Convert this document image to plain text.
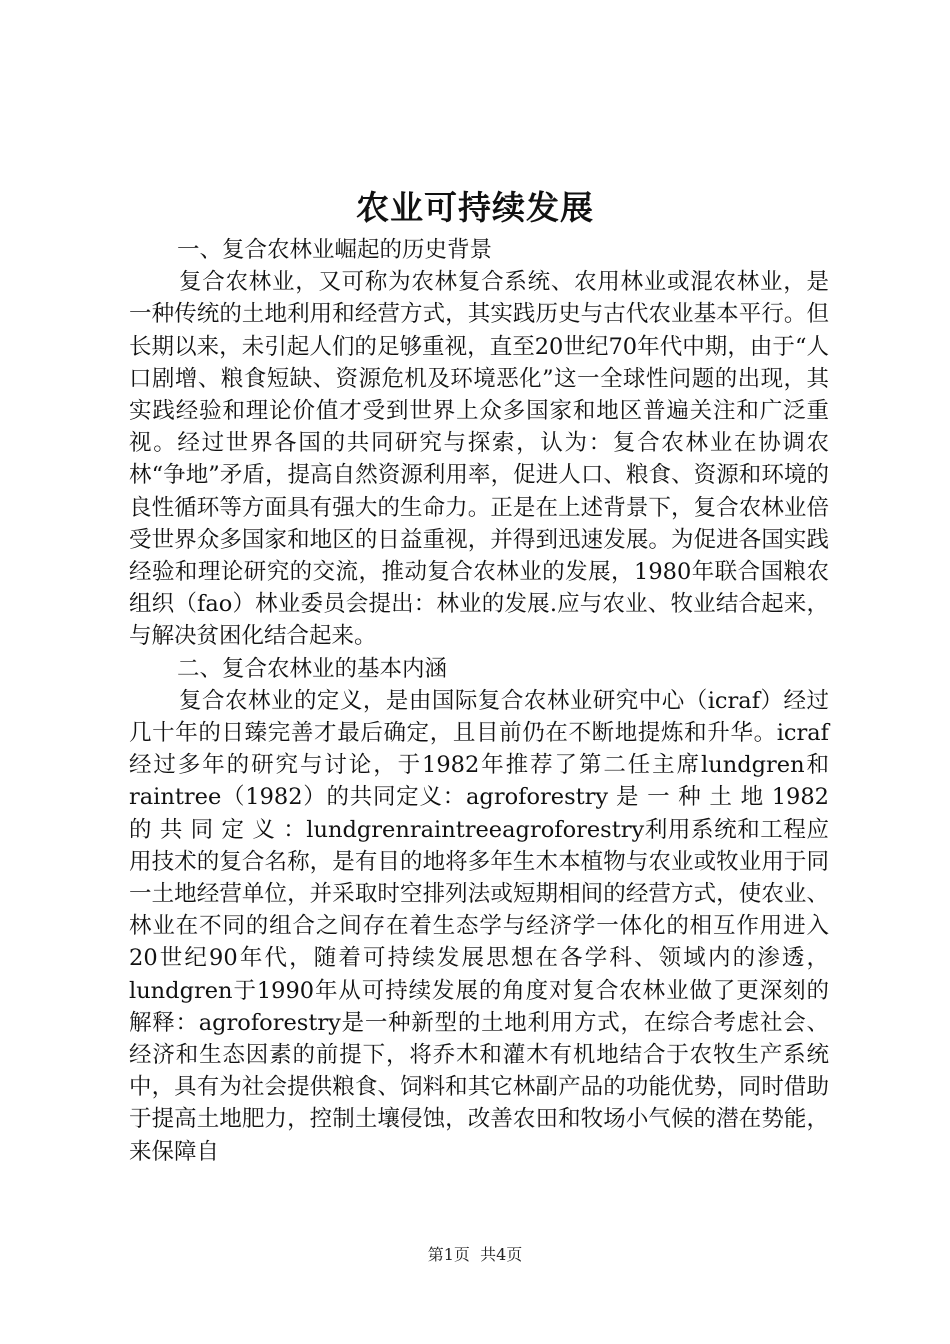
农业可持续发展

一、复合农林业崛起的历史背景

复合农林业，又可称为农林复合系统、农用林业或混农林业，是一种传统的土地利用和经营方式，其实践历史与古代农业基本平行。但长期以来，未引起人们的足够重视，直至20世纪70年代中期，由于“人口剧增、粮食短缺、资源危机及环境恶化”这一全球性问题的出现，其实践经验和理论价值才受到世界上众多国家和地区普遍关注和广泛重视。经过世界各国的共同研究与探索，认为：复合农林业在协调农林“争地”矛盾，提高自然资源利用率，促进人口、粮食、资源和环境的良性循环等方面具有强大的生命力。正是在上述背景下，复合农林业倍受世界众多国家和地区的日益重视，并得到迅速发展。为促进各国实践经验和理论研究的交流，推动复合农林业的发展，1980年联合国粮农组织（fao）林业委员会提出：林业的发展.应与农业、牧业结合起来，与解决贫困化结合起来。

二、复合农林业的基本内涵

复合农林业的定义，是由国际复合农林业研究中心（icraf）经过几十年的日臻完善才最后确定，且目前仍在不断地提炼和升华。icraf经过多年的研究与讨论，于1982年推荐了第二任主席lundgren和raintree（1982）的共同定义：agroforestry 是 一 种 土 地 1982 的 共 同 定 义 ：lundgrenraintreeagroforestry利用系统和工程应用技术的复合名称，是有目的地将多年生木本植物与农业或牧业用于同一土地经营单位，并采取时空排列法或短期相间的经营方式，使农业、林业在不同的组合之间存在着生态学与经济学一体化的相互作用进入20世纪90年代，随着可持续发展思想在各学科、领域内的渗透，lundgren于1990年从可持续发展的角度对复合农林业做了更深刻的解释：agroforestry是一种新型的土地利用方式，在综合考虑社会、经济和生态因素的前提下，将乔木和灌木有机地结合于农牧生产系统中，具有为社会提供粮食、饲料和其它林副产品的功能优势，同时借助于提高土地肥力，控制土壤侵蚀，改善农田和牧场小气候的潜在势能，来保障自

第1页 共4页
